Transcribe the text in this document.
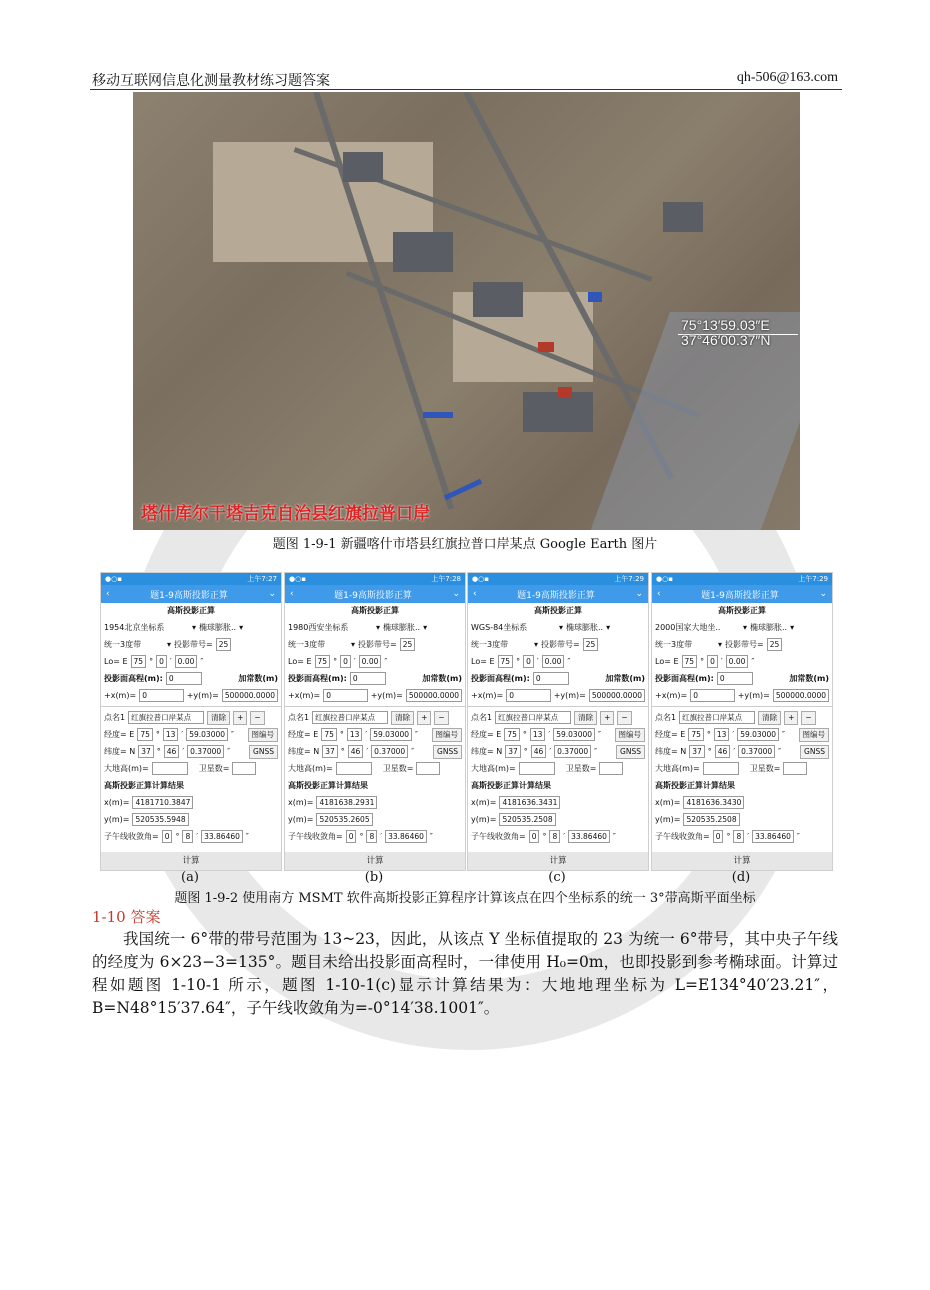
移动互联网信息化测量教材练习题答案	qh-506@163.com
75°13′59.03″E
37°46′00.37″N
塔什库尔干塔吉克自治县红旗拉普口岸
题图 1-9-1 新疆喀什市塔县红旗拉普口岸某点 Google Earth 图片
●○▪	上午7:27
‹	题1-9高斯投影正算	⌄
高斯投影正算
1954北京坐标系	▾ 椭球膨胀.. ▾
统一3度带	▾ 投影带号= 25
Lo= E 75 ° 0 ′ 0.00 ″
投影面高程(m): 0	加常数(m)
+x(m)= 0	+y(m)= 500000.0000
点名1 红旗拉普口岸某点	清除	+	−
经度= E 75 ° 13 ′ 59.03000 ″	图编号
纬度= N 37 ° 46 ′ 0.37000 ″	GNSS
大地高(m)=	卫星数=
高斯投影正算计算结果
x(m)= 4181710.3847
y(m)= 520535.5948
子午线收敛角= 0 ° 8 ′ 33.86460 ″
计算
(a)
●○▪	上午7:28
‹	题1-9高斯投影正算	⌄
高斯投影正算
1980西安坐标系	▾ 椭球膨胀.. ▾
统一3度带	▾ 投影带号= 25
Lo= E 75 ° 0 ′ 0.00 ″
投影面高程(m): 0	加常数(m)
+x(m)= 0	+y(m)= 500000.0000
点名1 红旗拉普口岸某点	清除	+	−
经度= E 75 ° 13 ′ 59.03000 ″	图编号
纬度= N 37 ° 46 ′ 0.37000 ″	GNSS
大地高(m)=	卫星数=
高斯投影正算计算结果
x(m)= 4181638.2931
y(m)= 520535.2605
子午线收敛角= 0 ° 8 ′ 33.86460 ″
计算
(b)
●○▪	上午7:29
‹	题1-9高斯投影正算	⌄
高斯投影正算
WGS-84坐标系	▾ 椭球膨胀.. ▾
统一3度带	▾ 投影带号= 25
Lo= E 75 ° 0 ′ 0.00 ″
投影面高程(m): 0	加常数(m)
+x(m)= 0	+y(m)= 500000.0000
点名1 红旗拉普口岸某点	清除	+	−
经度= E 75 ° 13 ′ 59.03000 ″	图编号
纬度= N 37 ° 46 ′ 0.37000 ″	GNSS
大地高(m)=	卫星数=
高斯投影正算计算结果
x(m)= 4181636.3431
y(m)= 520535.2508
子午线收敛角= 0 ° 8 ′ 33.86460 ″
计算
(c)
●○▪	上午7:29
‹	题1-9高斯投影正算	⌄
高斯投影正算
2000国家大地坐..	▾ 椭球膨胀.. ▾
统一3度带	▾ 投影带号= 25
Lo= E 75 ° 0 ′ 0.00 ″
投影面高程(m): 0	加常数(m)
+x(m)= 0	+y(m)= 500000.0000
点名1 红旗拉普口岸某点	清除	+	−
经度= E 75 ° 13 ′ 59.03000 ″	图编号
纬度= N 37 ° 46 ′ 0.37000 ″	GNSS
大地高(m)=	卫星数=
高斯投影正算计算结果
x(m)= 4181636.3430
y(m)= 520535.2508
子午线收敛角= 0 ° 8 ′ 33.86460 ″
计算
(d)
题图 1-9-2 使用南方 MSMT 软件高斯投影正算程序计算该点在四个坐标系的统一 3°带高斯平面坐标
1-10 答案
我国统一 6°带的带号范围为 13~23，因此，从该点 Y 坐标值提取的 23 为统一 6°带号，其中央子午线的经度为 6×23−3=135°。题目未给出投影面高程时，一律使用 H₀=0m，也即投影到参考椭球面。计算过程如题图 1-10-1 所示，题图 1-10-1(c)显示计算结果为：大地地理坐标为 L=E134°40′23.21″，B=N48°15′37.64″，子午线收敛角为=-0°14′38.1001″。
